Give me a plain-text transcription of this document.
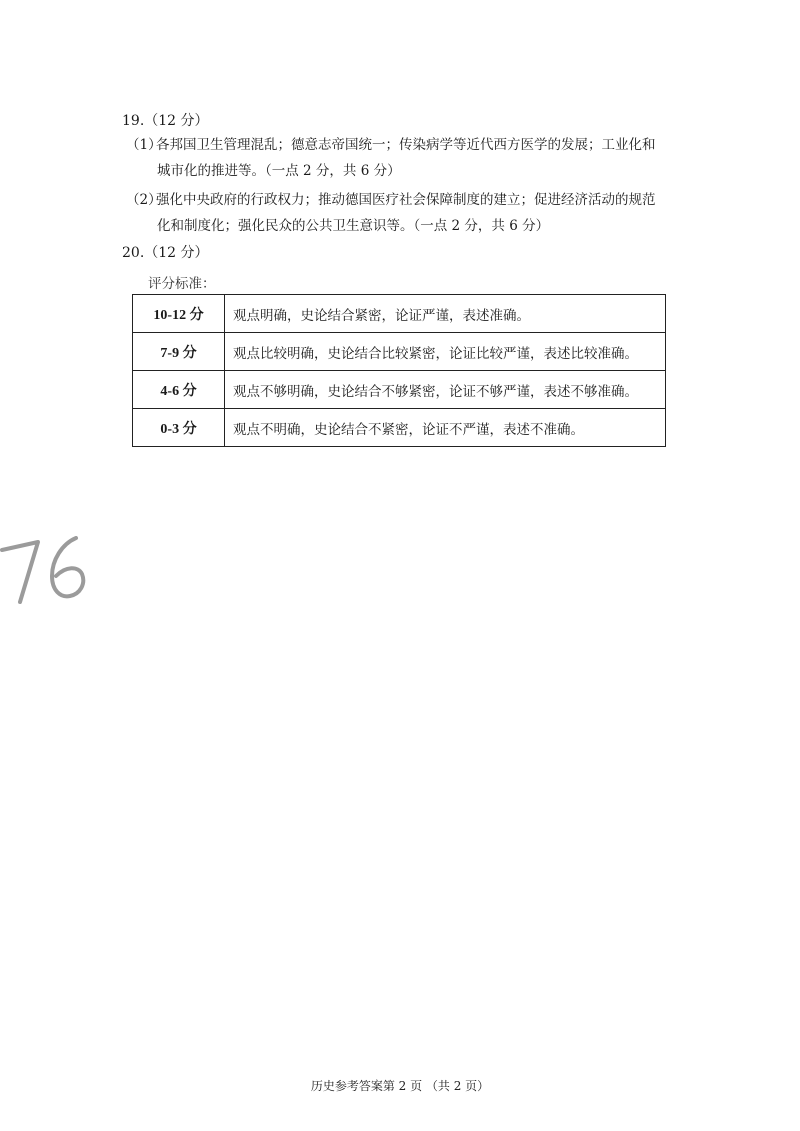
19.（12 分）
（1）各邦国卫生管理混乱；德意志帝国统一；传染病学等近代西方医学的发展；工业化和
城市化的推进等。（一点 2 分，共 6 分）
（2）强化中央政府的行政权力；推动德国医疗社会保障制度的建立；促进经济活动的规范
化和制度化；强化民众的公共卫生意识等。（一点 2 分，共 6 分）
20.（12 分）
评分标准：
10-12 分	观点明确，史论结合紧密，论证严谨，表述准确。
7-9 分	观点比较明确，史论结合比较紧密，论证比较严谨，表述比较准确。
4-6 分	观点不够明确，史论结合不够紧密，论证不够严谨，表述不够准确。
0-3 分	观点不明确，史论结合不紧密，论证不严谨，表述不准确。
历史参考答案第 2 页 （共 2 页）
